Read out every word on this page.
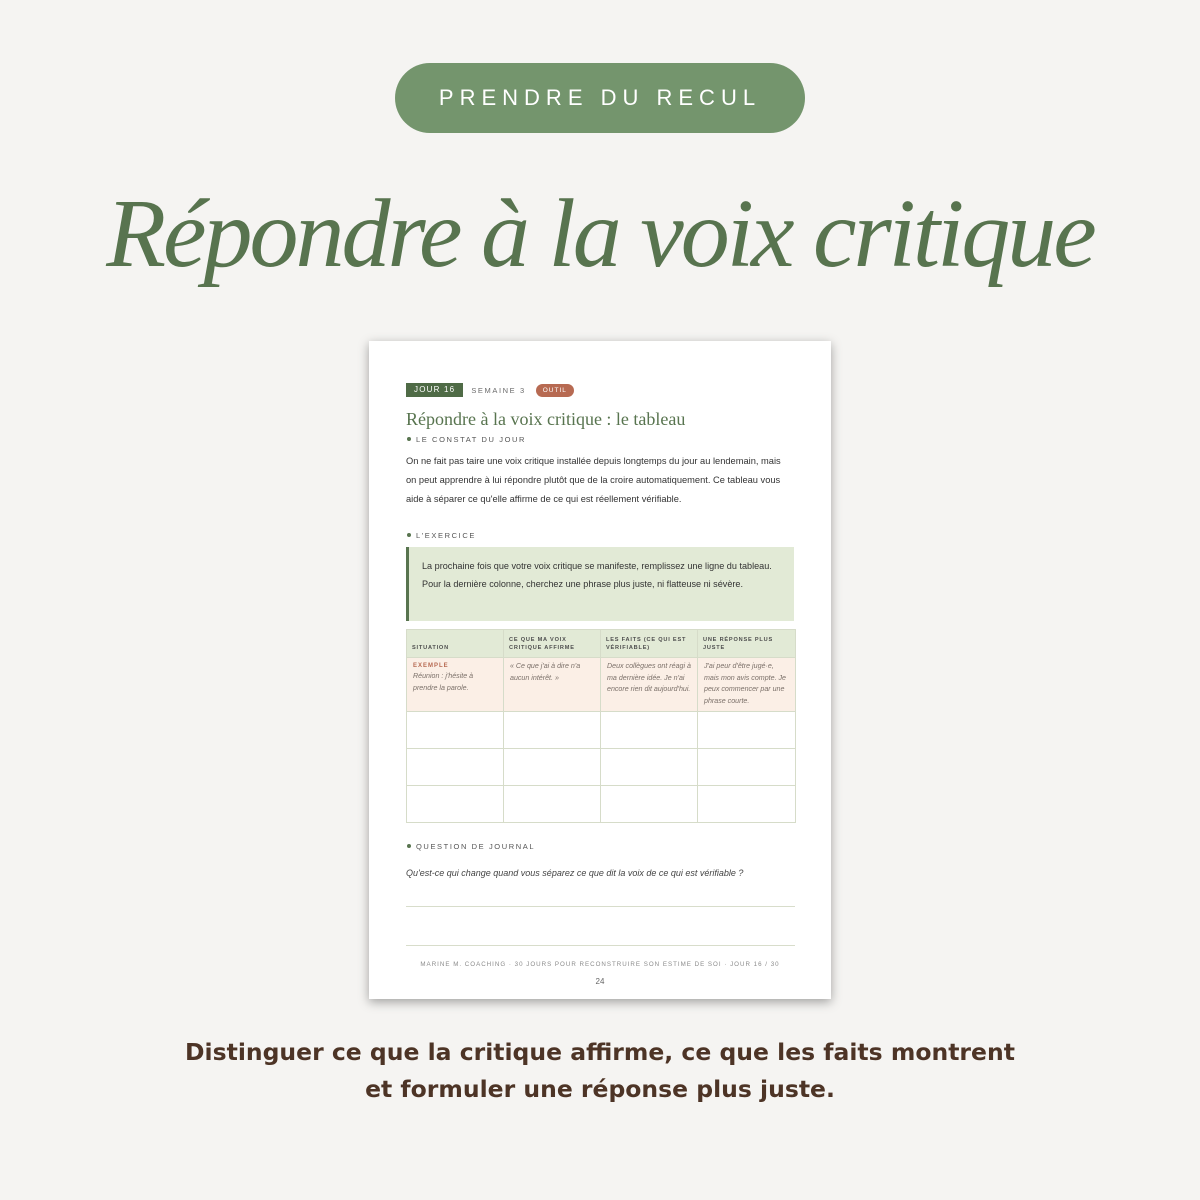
PRENDRE DU RECUL
Répondre à la voix critique
JOUR 16	SEMAINE 3	OUTIL
Répondre à la voix critique : le tableau
LE CONSTAT DU JOUR
On ne fait pas taire une voix critique installée depuis longtemps du jour au lendemain, mais on peut apprendre à lui répondre plutôt que de la croire automatiquement. Ce tableau vous aide à séparer ce qu'elle affirme de ce qui est réellement vérifiable.
L'EXERCICE
La prochaine fois que votre voix critique se manifeste, remplissez une ligne du tableau. Pour la dernière colonne, cherchez une phrase plus juste, ni flatteuse ni sévère.
SITUATION	CE QUE MA VOIX CRITIQUE AFFIRME	LES FAITS (CE QUI EST VÉRIFIABLE)	UNE RÉPONSE PLUS JUSTE

EXEMPLE
Réunion : j'hésite à prendre la parole.	« Ce que j'ai à dire n'a aucun intérêt. »	Deux collègues ont réagi à ma dernière idée. Je n'ai encore rien dit aujourd'hui.	J'ai peur d'être jugé·e, mais mon avis compte. Je peux commencer par une phrase courte.

QUESTION DE JOURNAL
Qu'est-ce qui change quand vous séparez ce que dit la voix de ce qui est vérifiable ?
MARINE M. COACHING · 30 JOURS POUR RECONSTRUIRE SON ESTIME DE SOI · JOUR 16 / 30
24
Distinguer ce que la critique affirme, ce que les faits montrent
et formuler une réponse plus juste.
